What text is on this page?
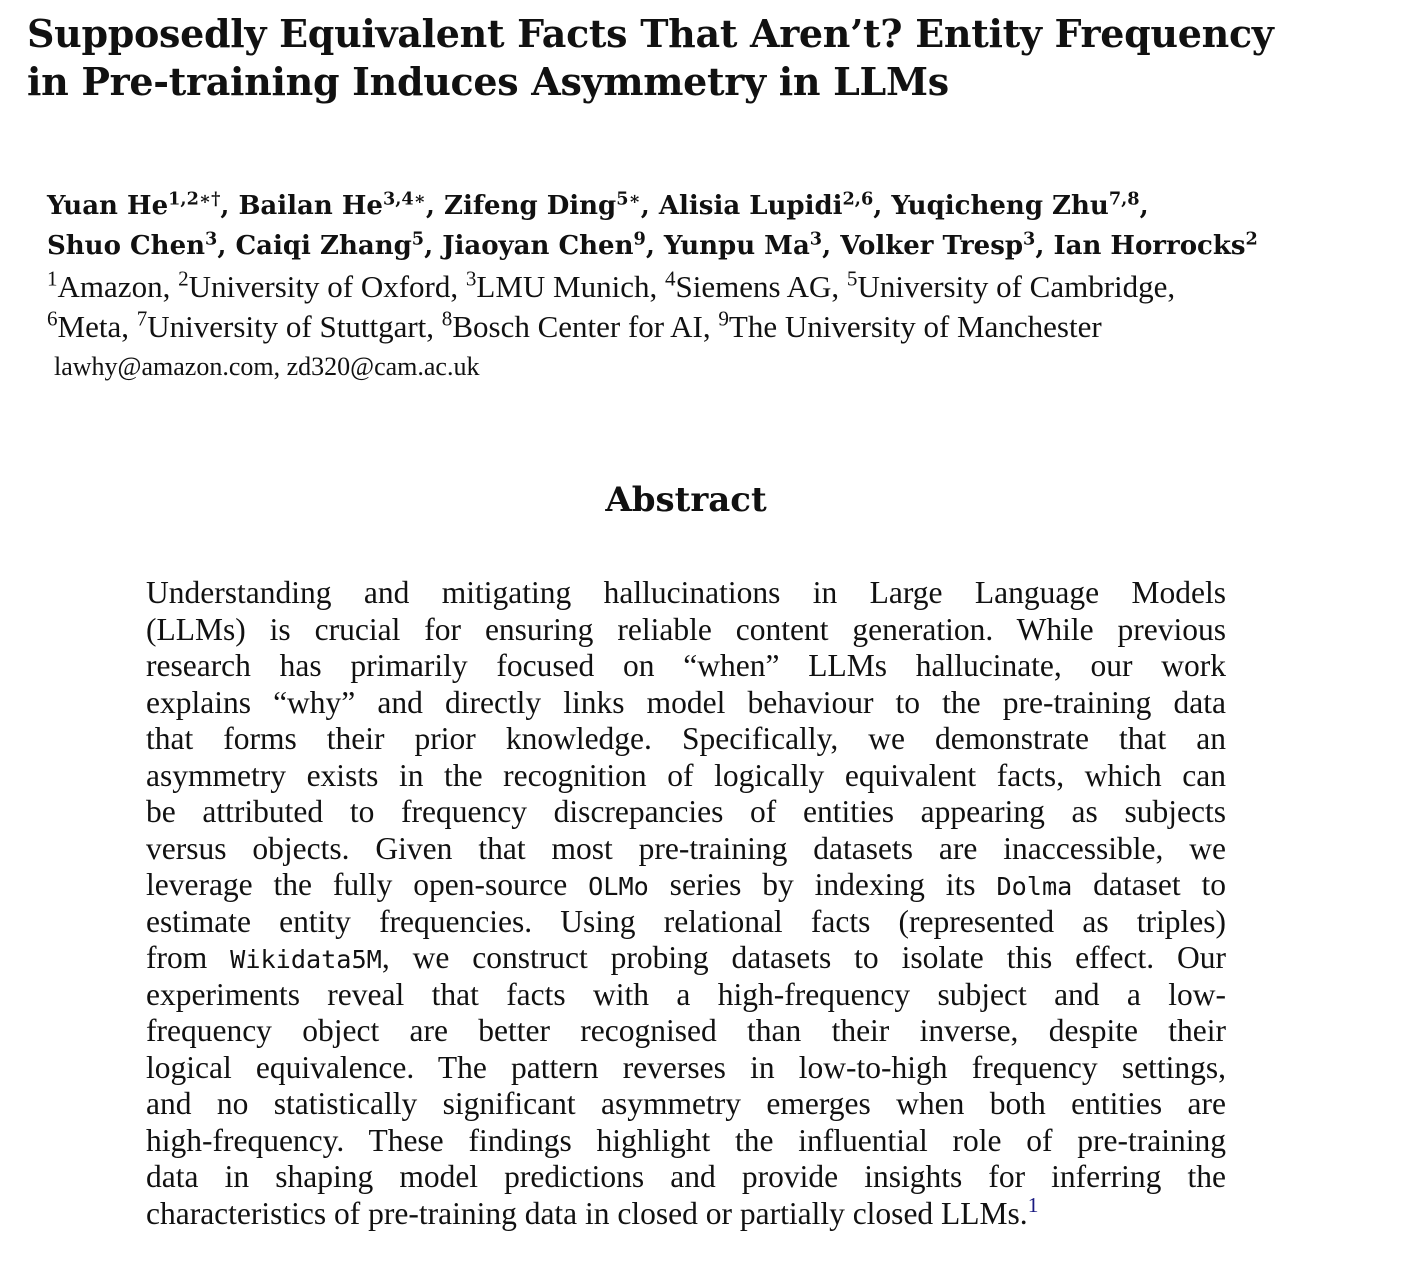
Supposedly Equivalent Facts That Aren’t? Entity Frequency
in Pre-training Induces Asymmetry in LLMs
Yuan $He^{1,2∗\dagger}$, Bailan $He^{3,4∗}$, Zifeng Ding$^{5∗}$, Alisia Lupidi$^{2,6}$, Yuqicheng Zhu$^{7,8}$,
Shuo Chen$^3$, Caiqi Zhang$^5$, Jiaoyan Chen$^9$, Yunpu Ma$^3$, Volker Tresp$^3$, Ian Horrocks$^2$
$^1$Amazon, $^2$University of Oxford, $^3$LMU Munich, $^4$Siemens AG, $^5$University of Cambridge,
$^6$Meta, $^7$University of Stuttgart, $^8$Bosch Center for AI, $^9$The University of Manchester
lawhy@amazon.com, zd320@cam.ac.uk
Abstract
Understanding and mitigating hallucinations in Large Language Models
(LLMs) is crucial for ensuring reliable content generation. While previous
research has primarily focused on “when” LLMs hallucinate, our work
explains “why” and directly links model behaviour to the pre-training data
that forms their prior knowledge. Specifically, we demonstrate that an
asymmetry exists in the recognition of logically equivalent facts, which can
be attributed to frequency discrepancies of entities appearing as subjects
versus objects. Given that most pre-training datasets are inaccessible, we
leverage the fully open-source OLMo series by indexing its Dolma dataset to
estimate entity frequencies. Using relational facts (represented as triples)
from Wikidata5M, we construct probing datasets to isolate this effect. Our
experiments reveal that facts with a high-frequency subject and a low-
frequency object are better recognised than their inverse, despite their
logical equivalence. The pattern reverses in low-to-high frequency settings,
and no statistically significant asymmetry emerges when both entities are
high-frequency. These findings highlight the influential role of pre-training
data in shaping model predictions and provide insights for inferring the
characteristics of pre-training data in closed or partially closed LLMs.$^1$
